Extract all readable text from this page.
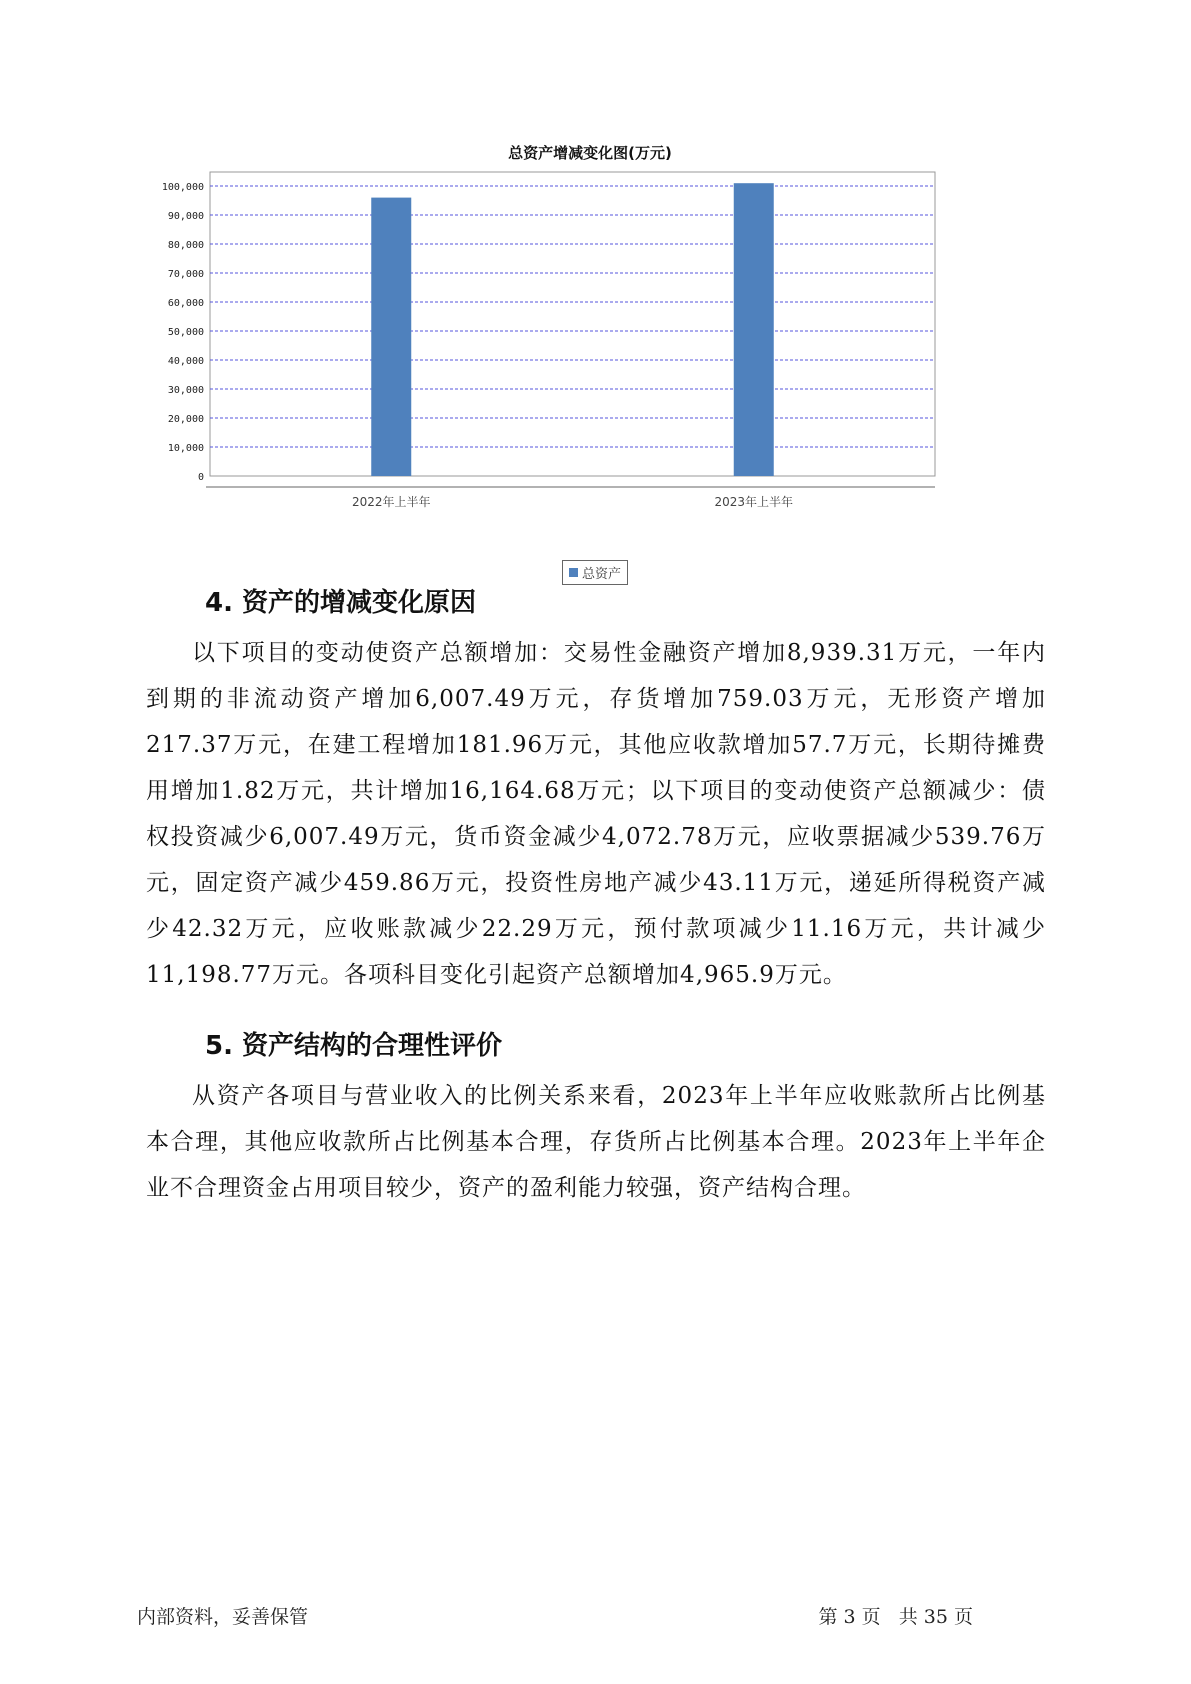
0
10,000
20,000
30,000
40,000
50,000
60,000
70,000
80,000
90,000
100,000
2022年上半年	2023年上半年
总资产增减变化图(万元)
总资产
4. 资产的增减变化原因
以下项目的变动使资产总额增加：交易性金融资产增加8,939.31万元，一年内到期的非流动资产增加6,007.49万元，存货增加759.03万元，无形资产增加217.37万元，在建工程增加181.96万元，其他应收款增加57.7万元，长期待摊费用增加1.82万元，共计增加16,164.68万元；以下项目的变动使资产总额减少：债权投资减少6,007.49万元，货币资金减少4,072.78万元，应收票据减少539.76万元，固定资产减少459.86万元，投资性房地产减少43.11万元，递延所得税资产减少42.32万元，应收账款减少22.29万元，预付款项减少11.16万元，共计减少11,198.77万元。各项科目变化引起资产总额增加4,965.9万元。
5. 资产结构的合理性评价
从资产各项目与营业收入的比例关系来看，2023年上半年应收账款所占比例基本合理，其他应收款所占比例基本合理，存货所占比例基本合理。2023年上半年企业不合理资金占用项目较少，资产的盈利能力较强，资产结构合理。
内部资料，妥善保管	第 3 页   共 35 页
